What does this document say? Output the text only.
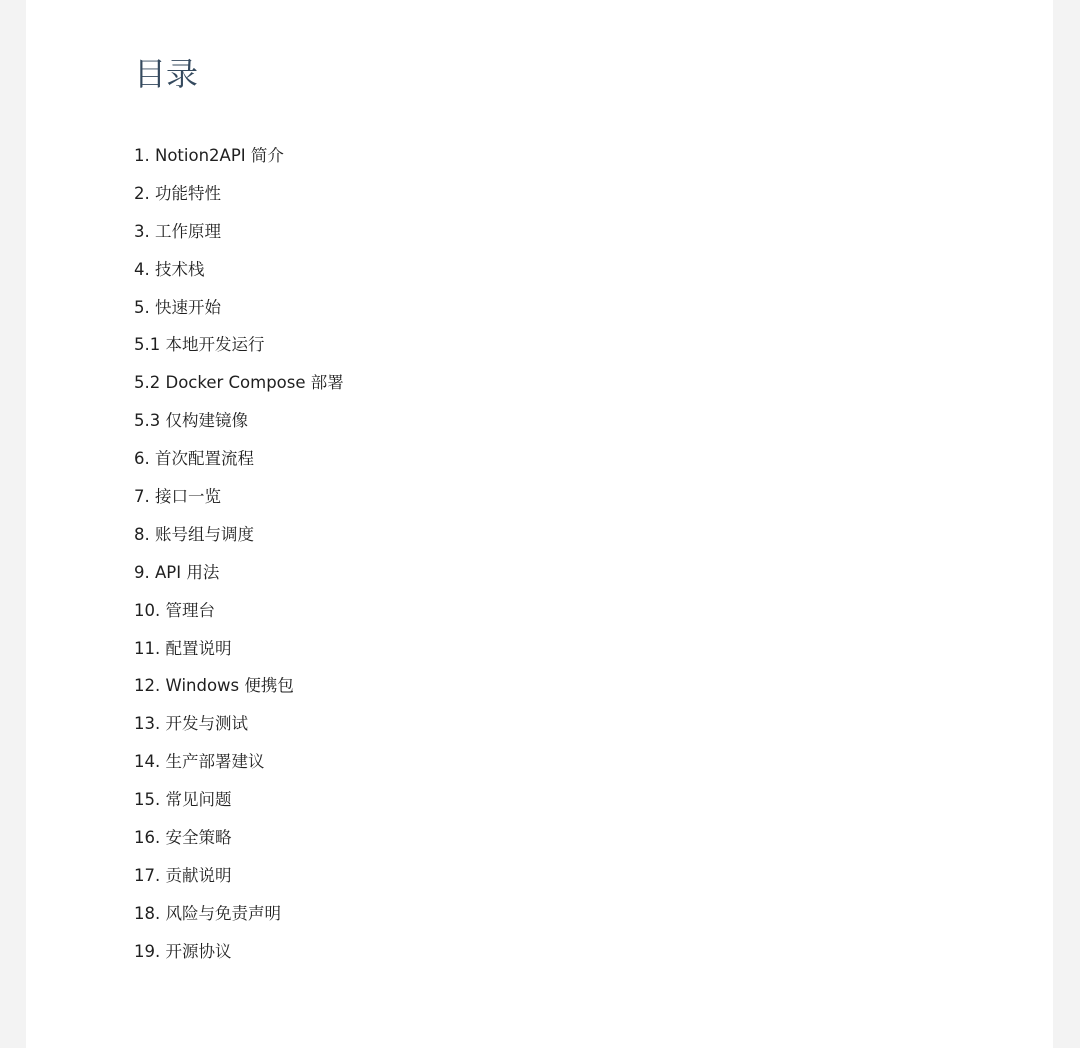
目录
1. Notion2API 简介
2. 功能特性
3. 工作原理
4. 技术栈
5. 快速开始
5.1 本地开发运行
5.2 Docker Compose 部署
5.3 仅构建镜像
6. 首次配置流程
7. 接口一览
8. 账号组与调度
9. API 用法
10. 管理台
11. 配置说明
12. Windows 便携包
13. 开发与测试
14. 生产部署建议
15. 常见问题
16. 安全策略
17. 贡献说明
18. 风险与免责声明
19. 开源协议
